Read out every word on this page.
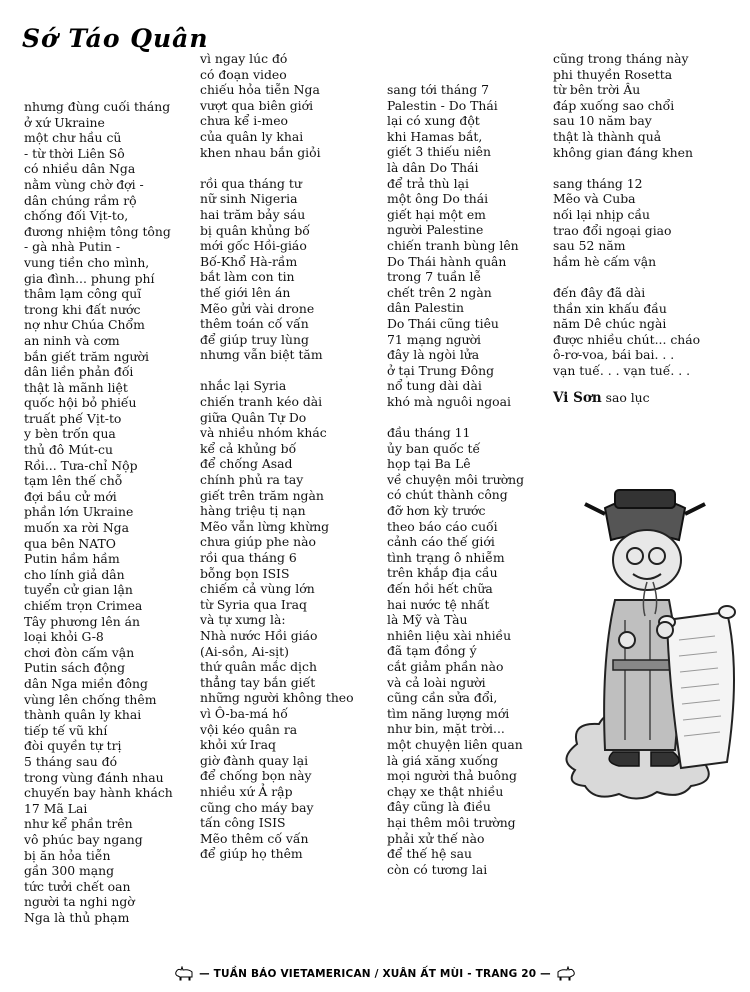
Sớ Táo Quân
nhưng đùng cuối tháng
ở xứ Ukraine
một chư hầu cũ
- từ thời Liên Sô
có nhiều dân Nga
nằm vùng chờ đợi -
dân chúng rầm rộ
chống đối Vịt-to,
đương nhiệm tông tông
- gà nhà Putin -
vung tiền cho mình,
gia đình... phung phí
thâm lạm công quĩ
trong khi đất nước
nợ như Chúa Chổm
an ninh và cơm
bắn giết trăm người
dân liền phản đối
thật là mãnh liệt
quốc hội bỏ phiếu
truất phế Vịt-to
y bèn trốn qua
thủ đô Mút-cu
Rồi... Tưa-chỉ Nộp
tạm lên thế chỗ
đợi bầu cử mới
phần lớn Ukraine
muốn xa rời Nga
qua bên NATO
Putin hầm hầm
cho lính giả dân
tuyển cử gian lận
chiếm trọn Crimea
Tây phương lên án
loại khỏi G-8
chơi đòn cấm vận
Putin sách động
dân Nga miền đông
vùng lên chống thêm
thành quân ly khai
tiếp tế vũ khí
đòi quyền tự trị
5 tháng sau đó
trong vùng đánh nhau
chuyến bay hành khách
17 Mã Lai
như kể phần trên
vô phúc bay ngang
bị ăn hỏa tiễn
gần 300 mạng
tức tưởi chết oan
người ta nghi ngờ
Nga là thủ phạm
vì ngay lúc đó
có đoạn video
chiếu hỏa tiễn Nga
vượt qua biên giới
chưa kể i-meo
của quân ly khai
khen nhau bắn giỏi
rồi qua tháng tư
nữ sinh Nigeria
hai trăm bảy sáu
bị quân khủng bố
mới gốc Hồi-giáo
Bố-Khổ Hà-rầm
bắt làm con tin
thế giới lên án
Mẽo gửi vài drone
thêm toán cố vấn
để giúp truy lùng
nhưng vẫn biệt tăm
nhắc lại Syria
chiến tranh kéo dài
giữa Quân Tự Do
và nhiều nhóm khác
kể cả khủng bố
để chống Asad
chính phủ ra tay
giết trên trăm ngàn
hàng triệu tị nạn
Mẽo vẫn lừng khừng
chưa giúp phe nào
rồi qua tháng 6
bỗng bọn ISIS
chiếm cả vùng lớn
từ Syria qua Iraq
và tự xưng là:
Nhà nước Hồi giáo
(Ai-sồn, Ai-sịt)
thứ quân mắc dịch
thẳng tay bắn giết
những người không theo
vì Ô-ba-má hố
vội kéo quân ra
khỏi xứ Iraq
giờ đành quay lại
để chống bọn này
nhiều xứ Ả rập
cũng cho máy bay
tấn công ISIS
Mẽo thêm cố vấn
để giúp họ thêm
sang tới tháng 7
Palestin - Do Thái
lại có xung đột
khi Hamas bắt,
giết 3 thiếu niên
là dân Do Thái
để trả thù lại
một ông Do thái
giết hại một em
người Palestine
chiến tranh bùng lên
Do Thái hành quân
trong 7 tuần lễ
chết trên 2 ngàn
dân Palestin
Do Thái cũng tiêu
71 mạng người
đây là ngòi lửa
ở tại Trung Đông
nổ tung dài dài
khó mà nguôi ngoai
đầu tháng 11
ủy ban quốc tế
họp tại Ba Lê
về chuyện môi trường
có chút thành công
đỡ hơn kỳ trước
theo báo cáo cuối
cảnh cáo thế giới
tình trạng ô nhiễm
trên khắp địa cầu
đến hồi hết chữa
hai nước tệ nhất
là Mỹ và Tàu
nhiên liệu xài nhiều
đã tạm đồng ý
cắt giảm phần nào
và cả loài người
cũng cần sửa đổi,
tìm năng lượng mới
như bin, mặt trời...
một chuyện liên quan
là giá xăng xuống
mọi người thả buông
chạy xe thật nhiều
đây cũng là điều
hại thêm môi trường
phải xử thế nào
để thế hệ sau
còn có tương lai
cũng trong tháng này
phi thuyền Rosetta
từ bên trời Âu
đáp xuống sao chổi
sau 10 năm bay
thật là thành quả
không gian đáng khen
sang tháng 12
Mẽo và Cuba
nối lại nhịp cầu
trao đổi ngoại giao
sau 52 năm
hầm hè cấm vận
đến đây đã dài
thần xin khấu đầu
năm Dê chúc ngài
được nhiều chút... cháo
ô-rơ-voa, bái bai. . .
vạn tuế. . . vạn tuế. . .
Vi Sơn sao lục
— TUẦN BÁO VIETAMERICAN / XUÂN ẤT MÙI - TRANG 20 —
